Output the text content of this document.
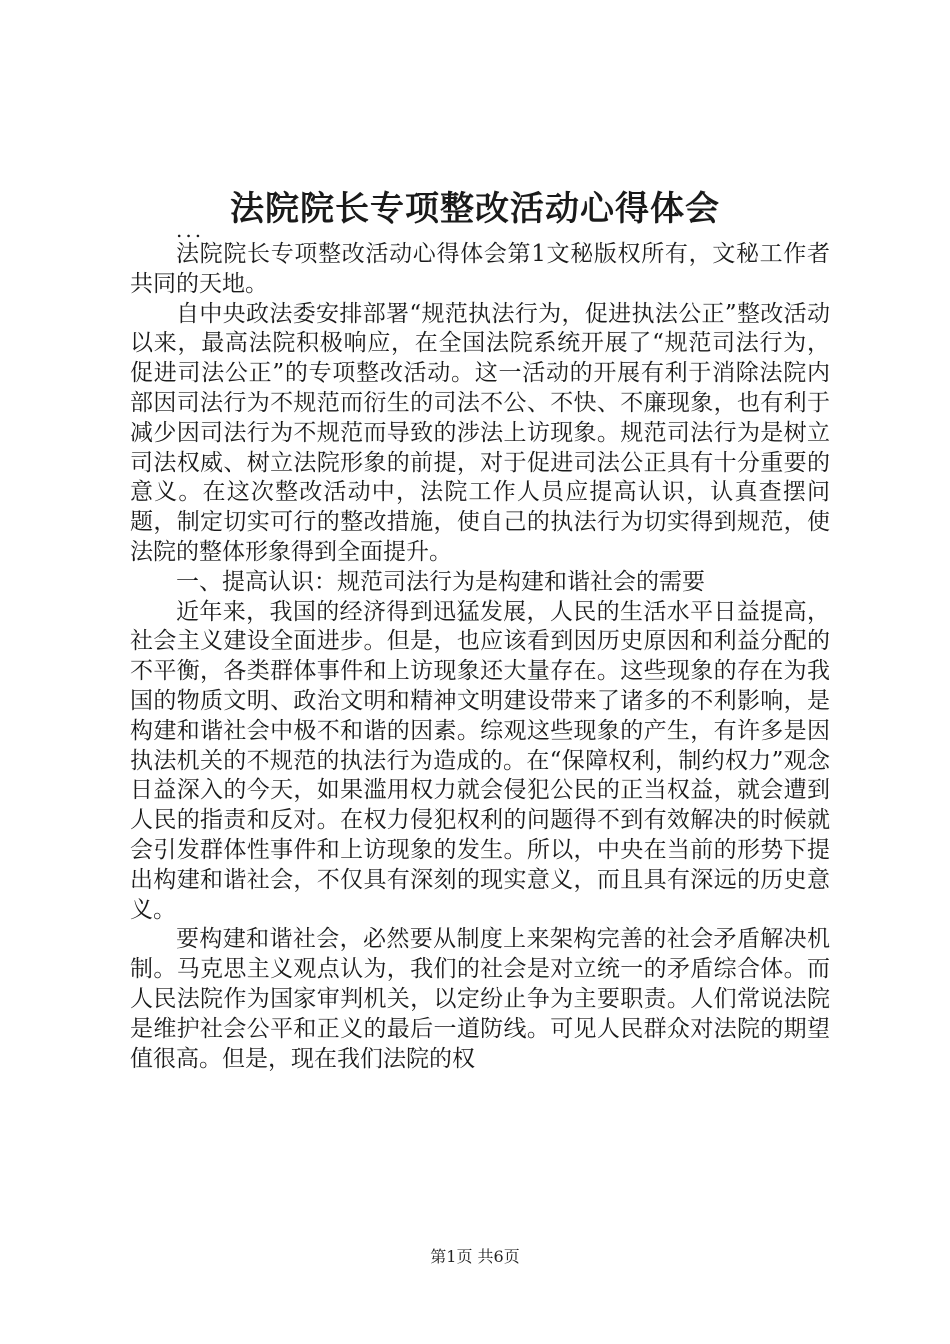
法院院长专项整改活动心得体会
...

法院院长专项整改活动心得体会第1文秘版权所有，文秘工作者共同的天地。

自中央政法委安排部署“规范执法行为，促进执法公正”整改活动以来，最高法院积极响应，在全国法院系统开展了“规范司法行为，促进司法公正”的专项整改活动。这一活动的开展有利于消除法院内部因司法行为不规范而衍生的司法不公、不快、不廉现象，也有利于减少因司法行为不规范而导致的涉法上访现象。规范司法行为是树立司法权威、树立法院形象的前提，对于促进司法公正具有十分重要的意义。在这次整改活动中，法院工作人员应提高认识，认真查摆问题，制定切实可行的整改措施，使自己的执法行为切实得到规范，使法院的整体形象得到全面提升。

一、提高认识：规范司法行为是构建和谐社会的需要

近年来，我国的经济得到迅猛发展，人民的生活水平日益提高，社会主义建设全面进步。但是，也应该看到因历史原因和利益分配的不平衡，各类群体事件和上访现象还大量存在。这些现象的存在为我国的物质文明、政治文明和精神文明建设带来了诸多的不利影响，是构建和谐社会中极不和谐的因素。综观这些现象的产生，有许多是因执法机关的不规范的执法行为造成的。在“保障权利，制约权力”观念日益深入的今天，如果滥用权力就会侵犯公民的正当权益，就会遭到人民的指责和反对。在权力侵犯权利的问题得不到有效解决的时候就会引发群体性事件和上访现象的发生。所以，中央在当前的形势下提出构建和谐社会，不仅具有深刻的现实意义，而且具有深远的历史意义。

要构建和谐社会，必然要从制度上来架构完善的社会矛盾解决机制。马克思主义观点认为，我们的社会是对立统一的矛盾综合体。而人民法院作为国家审判机关，以定纷止争为主要职责。人们常说法院是维护社会公平和正义的最后一道防线。可见人民群众对法院的期望值很高。但是，现在我们法院的权

第1页 共6页
